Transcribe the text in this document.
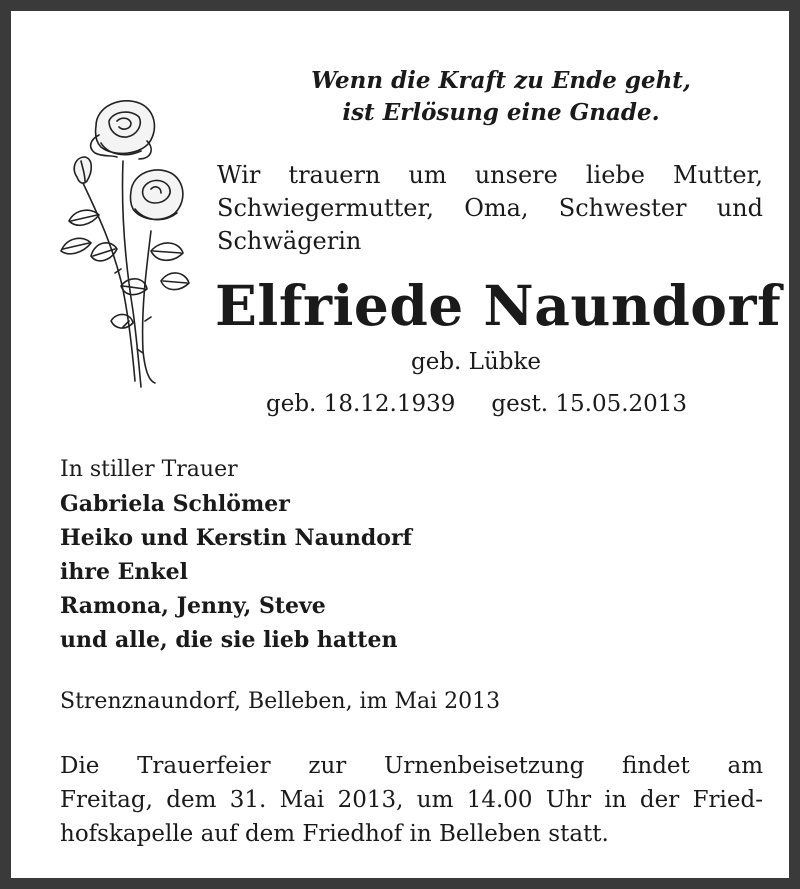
Wenn die Kraft zu Ende geht,
ist Erlösung eine Gnade.
Wir trauern um unsere liebe Mutter,
Schwiegermutter, Oma, Schwester und
Schwägerin
Elfriede Naundorf
geb. Lübke
geb. 18.12.1939 gest. 15.05.2013
In stiller Trauer
Gabriela Schlömer
Heiko und Kerstin Naundorf
ihre Enkel
Ramona, Jenny, Steve
und alle, die sie lieb hatten
Strenznaundorf, Belleben, im Mai 2013
Die Trauerfeier zur Urnenbeisetzung findet am
Freitag, dem 31. Mai 2013, um 14.00 Uhr in der Fried-
hofskapelle auf dem Friedhof in Belleben statt.
